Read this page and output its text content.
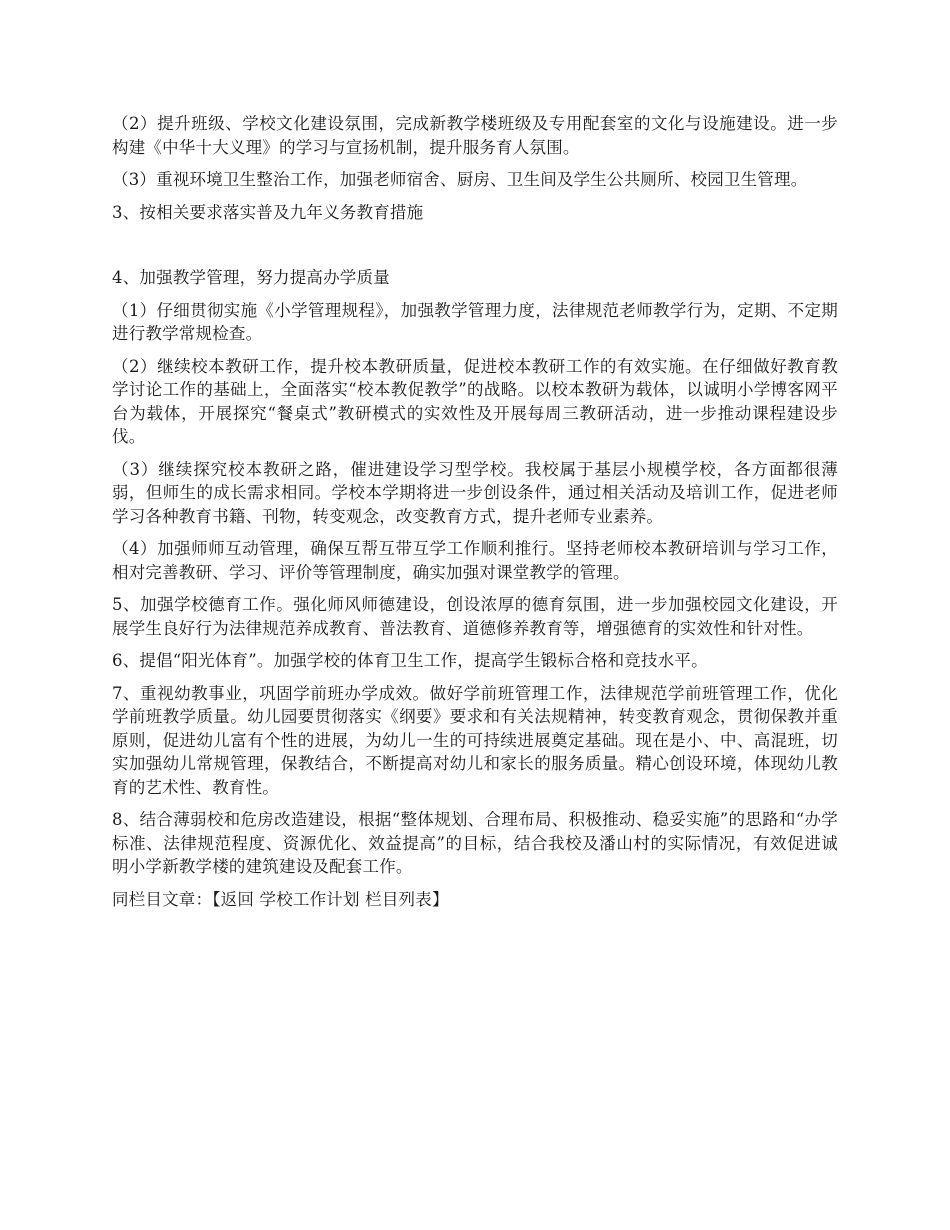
（2）提升班级、学校文化建设氛围，完成新教学楼班级及专用配套室的文化与设施建设。进一步构建《中华十大义理》的学习与宣扬机制，提升服务育人氛围。

（3）重视环境卫生整治工作，加强老师宿舍、厨房、卫生间及学生公共厕所、校园卫生管理。

3、按相关要求落实普及九年义务教育措施

4、加强教学管理，努力提高办学质量

（1）仔细贯彻实施《小学管理规程》，加强教学管理力度，法律规范老师教学行为，定期、不定期进行教学常规检查。

（2）继续校本教研工作，提升校本教研质量，促进校本教研工作的有效实施。在仔细做好教育教学讨论工作的基础上，全面落实“校本教促教学”的战略。以校本教研为载体，以诚明小学博客网平台为载体，开展探究“餐桌式”教研模式的实效性及开展每周三教研活动，进一步推动课程建设步伐。

（3）继续探究校本教研之路，催进建设学习型学校。我校属于基层小规模学校，各方面都很薄弱，但师生的成长需求相同。学校本学期将进一步创设条件，通过相关活动及培训工作，促进老师学习各种教育书籍、刊物，转变观念，改变教育方式，提升老师专业素养。

（4）加强师师互动管理，确保互帮互带互学工作顺利推行。坚持老师校本教研培训与学习工作，相对完善教研、学习、评价等管理制度，确实加强对课堂教学的管理。

5、加强学校德育工作。强化师风师德建设，创设浓厚的德育氛围，进一步加强校园文化建设，开展学生良好行为法律规范养成教育、普法教育、道德修养教育等，增强德育的实效性和针对性。

6、提倡“阳光体育”。加强学校的体育卫生工作，提高学生锻标合格和竞技水平。

7、重视幼教事业，巩固学前班办学成效。做好学前班管理工作，法律规范学前班管理工作，优化学前班教学质量。幼儿园要贯彻落实《纲要》要求和有关法规精神，转变教育观念，贯彻保教并重原则，促进幼儿富有个性的进展，为幼儿一生的可持续进展奠定基础。现在是小、中、高混班，切实加强幼儿常规管理，保教结合，不断提高对幼儿和家长的服务质量。精心创设环境，体现幼儿教育的艺术性、教育性。

8、结合薄弱校和危房改造建设，根据“整体规划、合理布局、积极推动、稳妥实施”的思路和“办学标准、法律规范程度、资源优化、效益提高”的目标，结合我校及潘山村的实际情况，有效促进诚明小学新教学楼的建筑建设及配套工作。

同栏目文章：【返回 学校工作计划 栏目列表】
